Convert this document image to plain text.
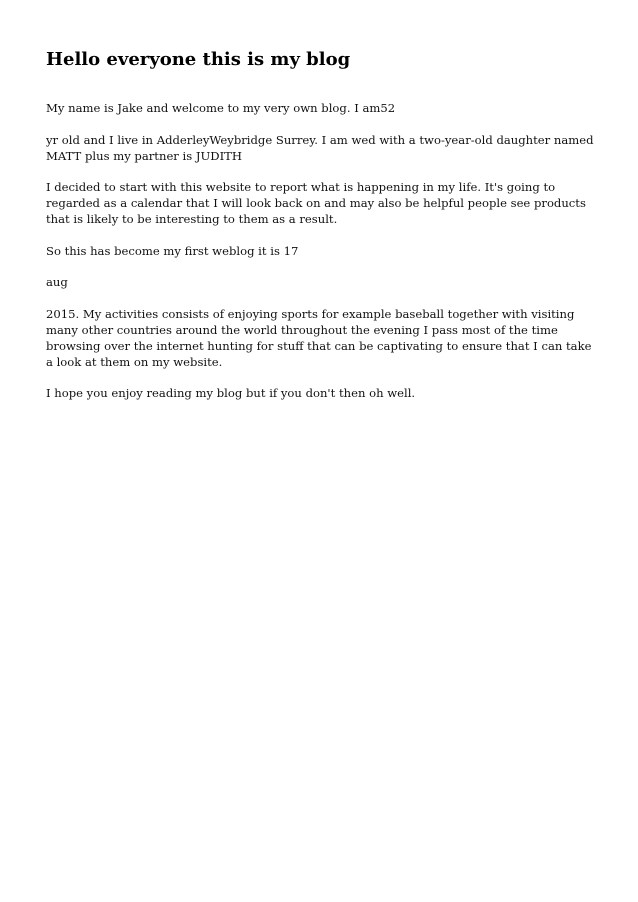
Hello everyone this is my blog

My name is Jake and welcome to my very own blog. I am52

yr old and I live in AdderleyWeybridge Surrey. I am wed with a two-year-old daughter named MATT plus my partner is JUDITH

I decided to start with this website to report what is happening in my life. It's going to regarded as a calendar that I will look back on and may also be helpful people see products that is likely to be interesting to them as a result.

So this has become my first weblog it is 17

aug

2015. My activities consists of enjoying sports for example baseball together with visiting many other countries around the world throughout the evening I pass most of the time browsing over the internet hunting for stuff that can be captivating to ensure that I can take a look at them on my website.

I hope you enjoy reading my blog but if you don't then oh well.
